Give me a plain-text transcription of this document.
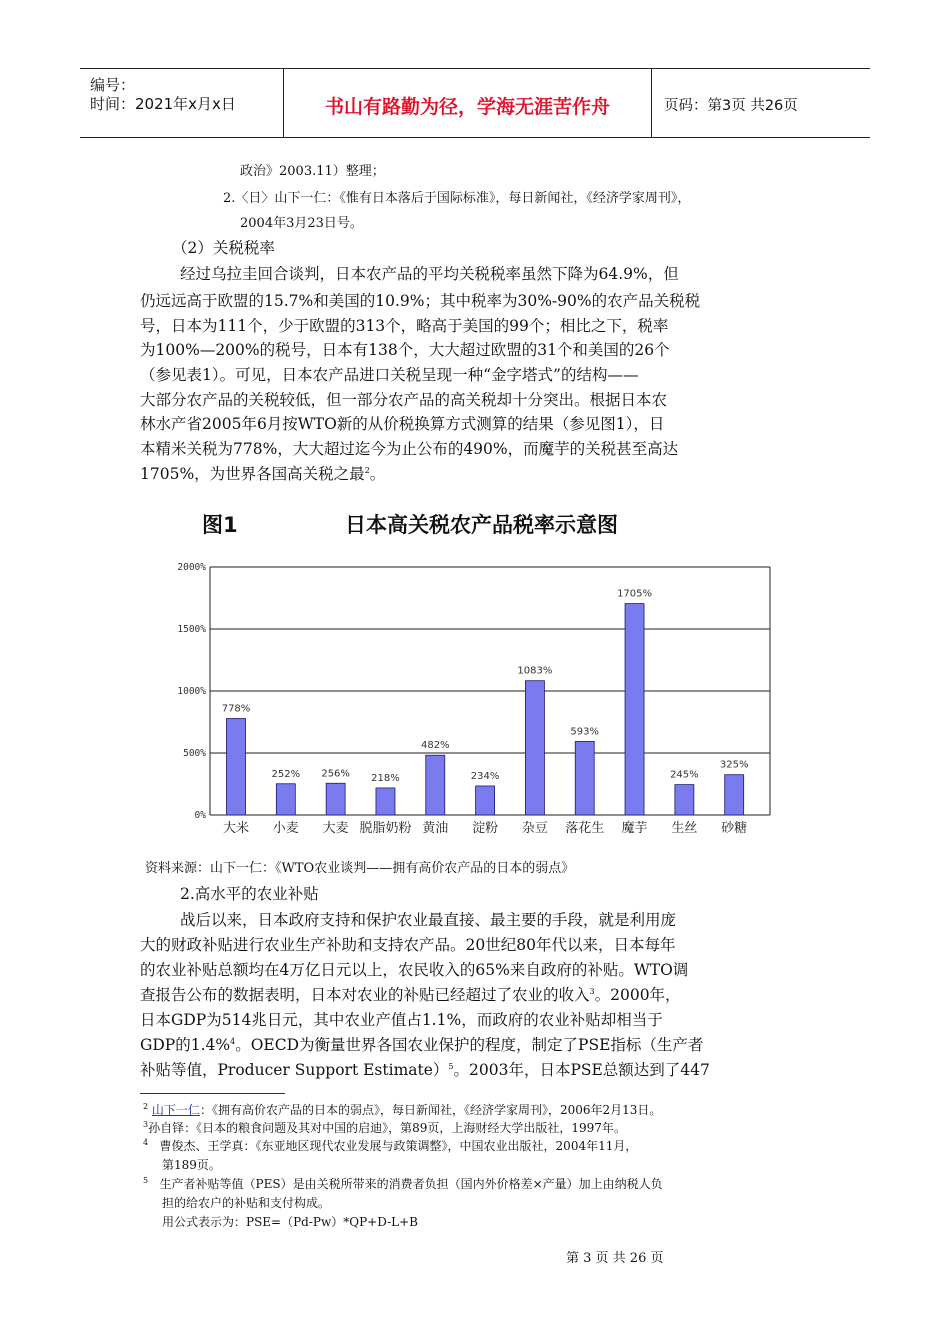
编号：
时间：2021年x月x日	书山有路勤为径，学海无涯苦作舟	页码：第3页 共26页
政治》2003.11）整理；
2.〈日〉山下一仁：《惟有日本落后于国际标准》，每日新闻社，《经济学家周刊》，
2004年3月23日号。
（2）关税税率
经过乌拉圭回合谈判，日本农产品的平均关税税率虽然下降为64.9%，但
仍远远高于欧盟的15.7%和美国的10.9%；其中税率为30%-90%的农产品关税税
号，日本为111个，少于欧盟的313个，略高于美国的99个；相比之下，税率
为100%—200%的税号，日本有138个，大大超过欧盟的31个和美国的26个
（参见表1）。可见，日本农产品进口关税呈现一种“金字塔式”的结构——
大部分农产品的关税较低，但一部分农产品的高关税却十分突出。根据日本农
林水产省2005年6月按WTO新的从价税换算方式测算的结果（参见图1），日
本精米关税为778%，大大超过迄今为止公布的490%，而魔芋的关税甚至高达
1705%，为世界各国高关税之最$^2$。
图1	日本高关税农产品税率示意图
0%
500%
1000%
1500%
2000%
778%
大米
252%
小麦
256%
大麦
218%
脱脂奶粉
482%
黄油
234%
淀粉
1083%
杂豆
593%
落花生
1705%
魔芋
245%
生丝
325%
砂糖
资料来源：山下一仁：《WTO农业谈判——拥有高价农产品的日本的弱点》
2.高水平的农业补贴
战后以来，日本政府支持和保护农业最直接、最主要的手段，就是利用庞
大的财政补贴进行农业生产补助和支持农产品。20世纪80年代以来，日本每年
的农业补贴总额均在4万亿日元以上，农民收入的65%来自政府的补贴。WTO调
查报告公布的数据表明，日本对农业的补贴已经超过了农业的收入$^3$。2000年，
日本GDP为514兆日元，其中农业产值占1.1%，而政府的农业补贴却相当于
GDP的1.4%$^4$。OECD为衡量世界各国农业保护的程度，制定了PSE指标（生产者
补贴等值，Producer Support Estimate）$^5$。2003年，日本PSE总额达到了447
$^2$ 山下一仁：《拥有高价农产品的日本的弱点》，每日新闻社，《经济学家周刊》，2006年2月13日。
$^3$孙自铎：《日本的粮食问题及其对中国的启迪》，第89页，上海财经大学出版社，1997年。
$^4$ 曹俊杰、王学真：《东亚地区现代农业发展与政策调整》，中国农业出版社，2004年11月，
第189页。
$^5$ 生产者补贴等值（PES）是由关税所带来的消费者负担（国内外价格差×产量）加上由纳税人负
担的给农户的补贴和支付构成。
用公式表示为：PSE=（Pd-Pw）*QP+D-L+B
第 3 页 共 26 页
